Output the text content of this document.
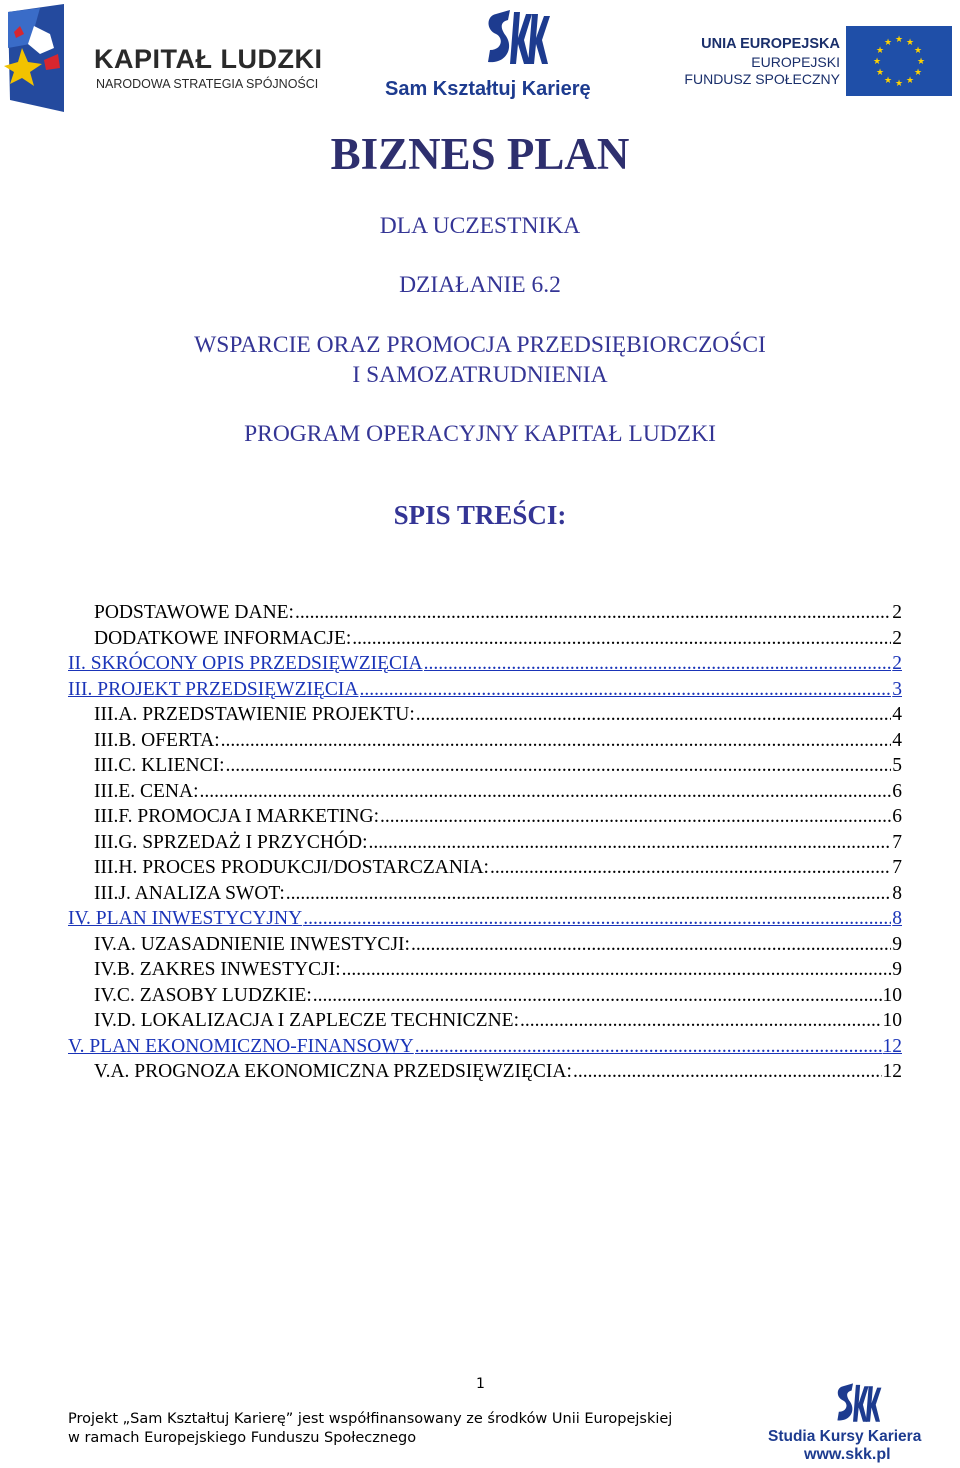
KAPITAŁ LUDZKI
NARODOWA STRATEGIA SPÓJNOŚCI	Sam Kształtuj Karierę
UNIA EUROPEJSKA
EUROPEJSKI
FUNDUSZ SPOŁECZNY
★ ★
★
★
★
★
★
★
★
★
★
★
BIZNES PLAN
DLA UCZESTNIKA
DZIAŁANIE 6.2
WSPARCIE ORAZ PROMOCJA PRZEDSIĘBIORCZOŚCI
I SAMOZATRUDNIENIA
PROGRAM OPERACYJNY KAPITAŁ LUDZKI
SPIS TREŚCI:
PODSTAWOWE DANE: .....	2
DODATKOWE INFORMACJE: .....	2
II. SKRÓCONY OPIS PRZEDSIĘWZIĘCIA .....	2
III. PROJEKT PRZEDSIĘWZIĘCIA .....	3
III.A. PRZEDSTAWIENIE PROJEKTU: .....	4
III.B. OFERTA: .....	4
III.C. KLIENCI: .....	5
III.E. CENA: .....	6
III.F. PROMOCJA I MARKETING: .....	6
III.G. SPRZEDAŻ I PRZYCHÓD: .....	7
III.H. PROCES PRODUKCJI/DOSTARCZANIA: .....	7
III.J. ANALIZA SWOT: .....	8
IV. PLAN INWESTYCYJNY .....	8
IV.A. UZASADNIENIE INWESTYCJI: .....	9
IV.B. ZAKRES INWESTYCJI: .....	9
IV.C. ZASOBY LUDZKIE: .....	10
IV.D. LOKALIZACJA I ZAPLECZE TECHNICZNE: .....	10
V. PLAN EKONOMICZNO-FINANSOWY .....	12
V.A. PROGNOZA EKONOMICZNA PRZEDSIĘWZIĘCIA: .....	12
1
Projekt „Sam Kształtuj Karierę” jest współfinansowany ze środków Unii Europejskiej
w ramach Europejskiego Funduszu Społecznego	Studia Kursy Kariera
www.skk.pl
